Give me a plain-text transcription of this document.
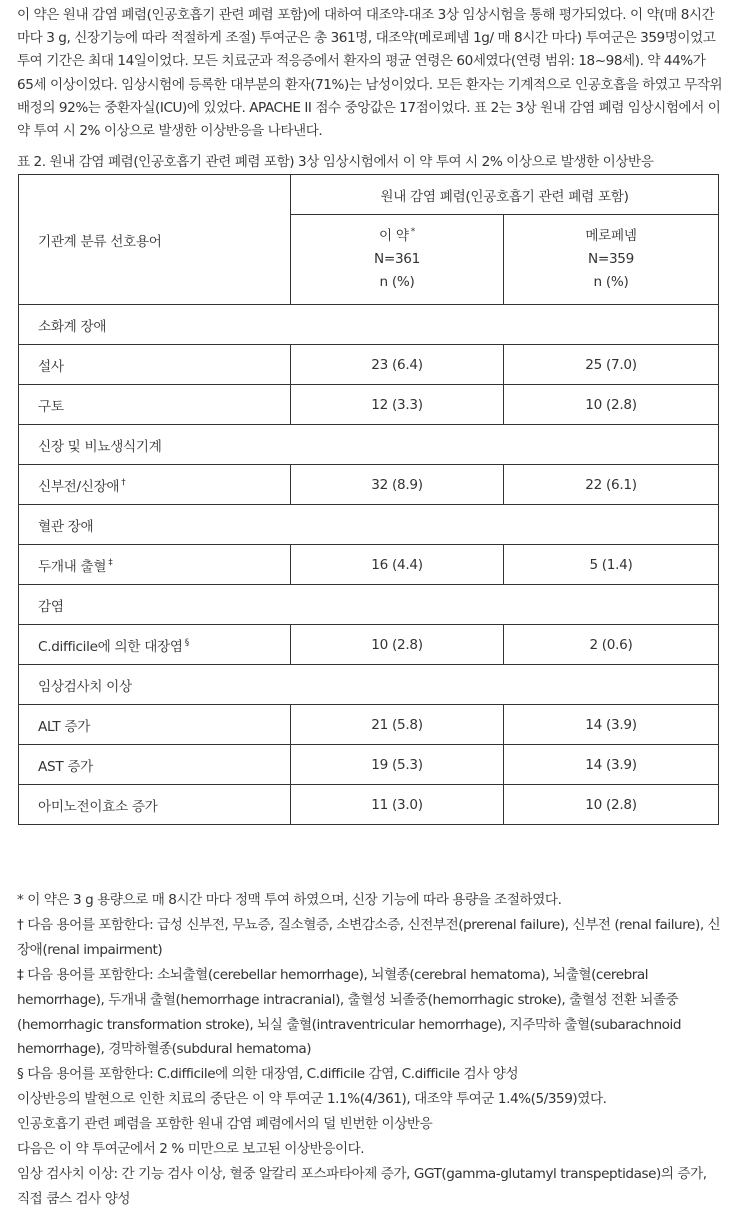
이 약은 원내 감염 폐렴(인공호흡기 관련 폐렴 포함)에 대하여 대조약-대조 3상 임상시험을 통해 평가되었다. 이 약(매 8시간 마다 3 g, 신장기능에 따라 적절하게 조절) 투여군은 총 361명, 대조약(메로페넴 1g/ 매 8시간 마다) 투여군은 359명이었고 투여 기간은 최대 14일이었다. 모든 치료군과 적응증에서 환자의 평균 연령은 60세였다(연령 범위: 18~98세). 약 44%가 65세 이상이었다. 임상시험에 등록한 대부분의 환자(71%)는 남성이었다. 모든 환자는 기계적으로 인공호흡을 하였고 무작위 배정의 92%는 중환자실(ICU)에 있었다. APACHE II 점수 중앙값은 17점이었다. 표 2는 3상 원내 감염 폐렴 임상시험에서 이 약 투여 시 2% 이상으로 발생한 이상반응을 나타낸다.

표 2. 원내 감염 폐렴(인공호흡기 관련 폐렴 포함) 3상 임상시험에서 이 약 투여 시 2% 이상으로 발생한 이상반응
기관계 분류 선호용어	원내 감염 폐렴(인공호흡기 관련 폐렴 포함)	

	이 약 *
N=361
n (%)	메로페넴
N=359
n (%)

소화계 장애		
설사	23 (6.4)	25 (7.0)
구토	12 (3.3)	10 (2.8)
신장 및 비뇨생식기계		
신부전/신장애 †	32 (8.9)	22 (6.1)
혈관 장애		
두개내 출혈 ‡	16 (4.4)	5 (1.4)
감염		
C.difficile에 의한 대장염 §	10 (2.8)	2 (0.6)
임상검사치 이상		
ALT 증가	21 (5.8)	14 (3.9)
AST 증가	19 (5.3)	14 (3.9)
아미노전이효소 증가	11 (3.0)	10 (2.8)

* 이 약은 3 g 용량으로 매 8시간 마다 정맥 투여 하였으며, 신장 기능에 따라 용량을 조절하였다.

† 다음 용어를 포함한다: 급성 신부전, 무뇨증, 질소혈증, 소변감소증, 신전부전(prerenal failure), 신부전 (renal failure), 신장애(renal impairment)

‡ 다음 용어를 포함한다: 소뇌출혈(cerebellar hemorrhage), 뇌혈종(cerebral hematoma), 뇌출혈(cerebral hemorrhage), 두개내 출혈(hemorrhage intracranial), 출혈성 뇌졸중(hemorrhagic stroke), 출혈성 전환 뇌졸중(hemorrhagic transformation stroke), 뇌실 출혈(intraventricular hemorrhage), 지주막하 출혈(subarachnoid hemorrhage), 경막하혈종(subdural hematoma)

§ 다음 용어를 포함한다: C.difficile에 의한 대장염, C.difficile 감염, C.difficile 검사 양성

이상반응의 발현으로 인한 치료의 중단은 이 약 투여군 1.1%(4/361), 대조약 투여군 1.4%(5/359)였다.

인공호흡기 관련 폐렴을 포함한 원내 감염 폐렴에서의 덜 빈번한 이상반응

다음은 이 약 투여군에서 2 % 미만으로 보고된 이상반응이다.

임상 검사치 이상: 간 기능 검사 이상, 혈중 알칼리 포스파타아제 증가, GGT(gamma-glutamyl transpeptidase)의 증가, 직접 쿰스 검사 양성
